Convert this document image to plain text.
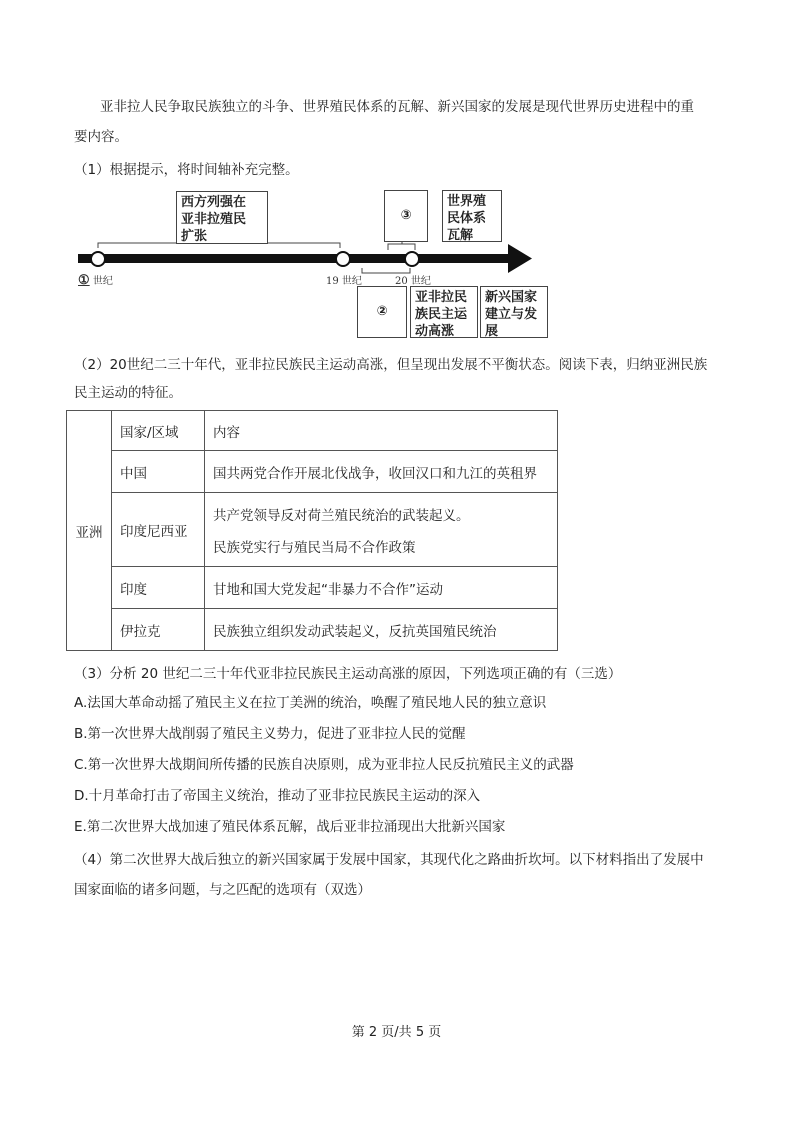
亚非拉人民争取民族独立的斗争、世界殖民体系的瓦解、新兴国家的发展是现代世界历史进程中的重
要内容。
（1）根据提示，将时间轴补充完整。
西方列强在
亚非拉殖民
扩张
③
世界殖
民体系
瓦解
②
亚非拉民
族民主运
动高涨
新兴国家
建立与发
展
① 世纪	19 世纪	20 世纪
（2）20世纪二三十年代，亚非拉民族民主运动高涨，但呈现出发展不平衡状态。阅读下表，归纳亚洲民族
民主运动的特征。
亚洲	国家/区域	内容
	中国	国共两党合作开展北伐战争，收回汉口和九江的英租界
	印度尼西亚	共产党领导反对荷兰殖民统治的武装起义。
民族党实行与殖民当局不合作政策

	印度	甘地和国大党发起“非暴力不合作”运动
	伊拉克	民族独立组织发动武装起义，反抗英国殖民统治
（3）分析 20 世纪二三十年代亚非拉民族民主运动高涨的原因，下列选项正确的有（三选）
A.法国大革命动摇了殖民主义在拉丁美洲的统治，唤醒了殖民地人民的独立意识
B.第一次世界大战削弱了殖民主义势力，促进了亚非拉人民的觉醒
C.第一次世界大战期间所传播的民族自决原则，成为亚非拉人民反抗殖民主义的武器
D.十月革命打击了帝国主义统治，推动了亚非拉民族民主运动的深入
E.第二次世界大战加速了殖民体系瓦解，战后亚非拉涌现出大批新兴国家
（4）第二次世界大战后独立的新兴国家属于发展中国家，其现代化之路曲折坎坷。以下材料指出了发展中
国家面临的诸多问题，与之匹配的选项有（双选）
第 2 页/共 5 页
